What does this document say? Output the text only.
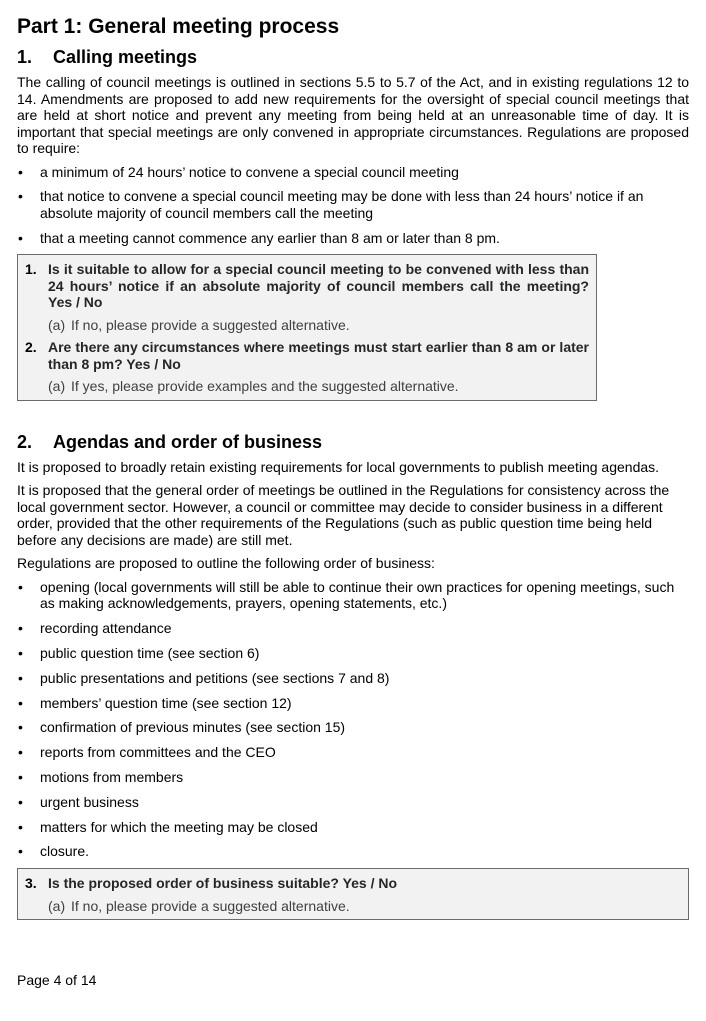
Part 1: General meeting process
1. Calling meetings

The calling of council meetings is outlined in sections 5.5 to 5.7 of the Act, and in existing regulations 12 to 14. Amendments are proposed to add new requirements for the oversight of special council meetings that are held at short notice and prevent any meeting from being held at an unreasonable time of day. It is important that special meetings are only convened in appropriate circumstances. Regulations are proposed to require:

• a minimum of 24 hours’ notice to convene a special council meeting
• that notice to convene a special council meeting may be done with less than 24 hours’ notice if an absolute majority of council members call the meeting
• that a meeting cannot commence any earlier than 8 am or later than 8 pm.
1. Is it suitable to allow for a special council meeting to be convened with less than 24 hours’ notice if an absolute majority of council members call the meeting? Yes / No
(a) If no, please provide a suggested alternative.
2. Are there any circumstances where meetings must start earlier than 8 am or later than 8 pm? Yes / No
(a) If yes, please provide examples and the suggested alternative.
2. Agendas and order of business

It is proposed to broadly retain existing requirements for local governments to publish meeting agendas.

It is proposed that the general order of meetings be outlined in the Regulations for consistency across the local government sector. However, a council or committee may decide to consider business in a different order, provided that the other requirements of the Regulations (such as public question time being held before any decisions are made) are still met.

Regulations are proposed to outline the following order of business:

• opening (local governments will still be able to continue their own practices for opening meetings, such as making acknowledgements, prayers, opening statements, etc.)
• recording attendance
• public question time (see section 6)
• public presentations and petitions (see sections 7 and 8)
• members’ question time (see section 12)
• confirmation of previous minutes (see section 15)
• reports from committees and the CEO
• motions from members
• urgent business
• matters for which the meeting may be closed
• closure.
3. Is the proposed order of business suitable? Yes / No
(a) If no, please provide a suggested alternative.
Page 4 of 14
